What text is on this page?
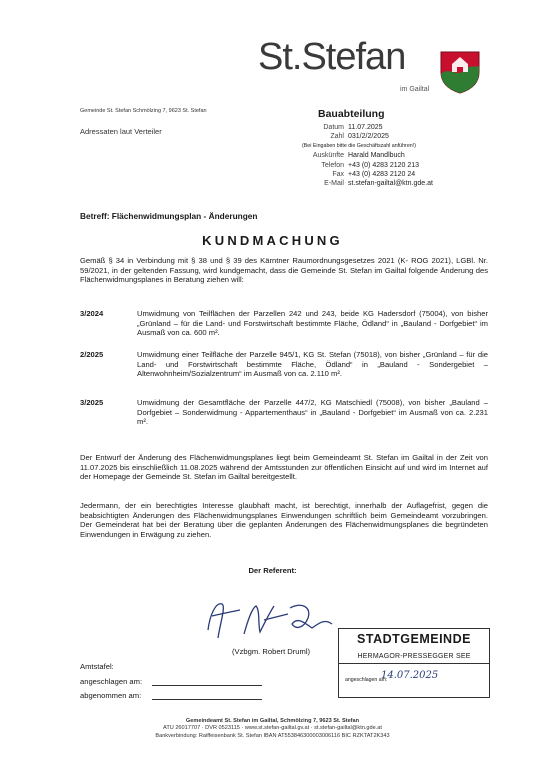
St.Stefan
im Gailtal
Gemeinde St. Stefan Schmölzing 7, 9623 St. Stefan
Adressaten laut Verteiler
Bauabteilung
Datum 11.07.2025
Zahl 031/2/2/2025
(Bei Eingaben bitte die Geschäftszahl anführen!)
Auskünfte Harald Mandlbuch
Telefon +43 (0) 4283 2120 213
Fax +43 (0) 4283 2120 24
E-Mail st.stefan-gailtal@ktn.gde.at
Betreff: Flächenwidmungsplan - Änderungen
KUNDMACHUNG
Gemäß § 34 in Verbindung mit § 38 und § 39 des Kärntner Raumordnungsgesetzes 2021 (K- ROG 2021), LGBl. Nr. 59/2021, in der geltenden Fassung, wird kundgemacht, dass die Gemeinde St. Stefan im Gailtal folgende Änderung des Flächenwidmungsplanes in Beratung ziehen will:
3/2024	Umwidmung von Teilflächen der Parzellen 242 und 243, beide KG Hadersdorf (75004), von bisher „Grünland – für die Land- und Forstwirtschaft bestimmte Fläche, Ödland“ in „Bauland - Dorfgebiet“ im Ausmaß von ca. 600 m².
2/2025	Umwidmung einer Teilfläche der Parzelle 945/1, KG St. Stefan (75018), von bisher „Grünland – für die Land- und Forstwirtschaft bestimmte Fläche, Ödland“ in „Bauland - Sondergebiet – Altenwohnheim/Sozialzentrum“ im Ausmaß von ca. 2.110 m².
3/2025	Umwidmung der Gesamtfläche der Parzelle 447/2, KG Matschiedl (75008), von bisher „Bauland – Dorfgebiet – Sonderwidmung - Appartementhaus“ in „Bauland - Dorfgebiet“ im Ausmaß von ca. 2.231 m².
Der Entwurf der Änderung des Flächenwidmungsplanes liegt beim Gemeindeamt St. Stefan im Gailtal in der Zeit von 11.07.2025 bis einschließlich 11.08.2025 während der Amtsstunden zur öffentlichen Einsicht auf und wird im Internet auf der Homepage der Gemeinde St. Stefan im Gailtal bereitgestellt.
Jedermann, der ein berechtigtes Interesse glaubhaft macht, ist berechtigt, innerhalb der Auflagefrist, gegen die beabsichtigten Änderungen des Flächenwidmungsplanes Einwendungen schriftlich beim Gemeindeamt vorzubringen. Der Gemeinderat hat bei der Beratung über die geplanten Änderungen des Flächenwidmungsplanes die begründeten Einwendungen in Erwägung zu ziehen.
Der Referent:
(Vzbgm. Robert Druml)
Amtstafel:
angeschlagen am:
abgenommen am:
STADTGEMEINDE
HERMAGOR-PRESSEGGER SEE
angeschlagen am:
14.07.2025
Gemeindeamt St. Stefan im Gailtal, Schmölzing 7, 9623 St. Stefan
ATU 26017707 · DVR 0523115 · www.st.stefan-gailtal.gv.at · st.stefan-gailtal@ktn.gde.at
Bankverbindung: Raiffeisenbank St. Stefan IBAN AT553846300003006116 BIC RZKTAT2K343
